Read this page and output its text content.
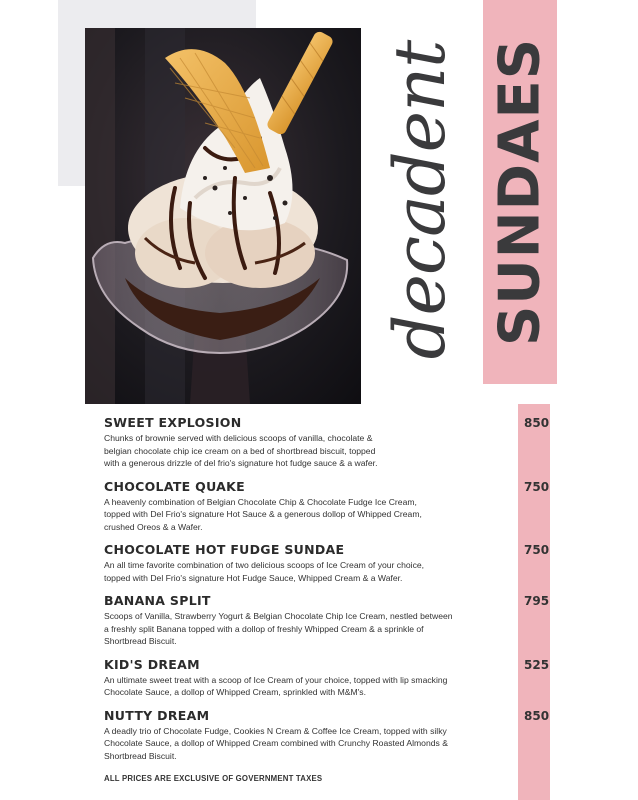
decadent SUNDAES
SWEET EXPLOSION	850
Chunks of brownie served with delicious scoops of vanilla, chocolate &
belgian chocolate chip ice cream on a bed of shortbread biscuit, topped
with a generous drizzle of del frio's signature hot fudge sauce & a wafer.
CHOCOLATE QUAKE	750
A heavenly combination of Belgian Chocolate Chip & Chocolate Fudge Ice Cream,
topped with Del Frio's signature Hot Sauce & a generous dollop of Whipped Cream,
crushed Oreos & a Wafer.
CHOCOLATE HOT FUDGE SUNDAE	750
An all time favorite combination of two delicious scoops of Ice Cream of your choice,
topped with Del Frio's signature Hot Fudge Sauce, Whipped Cream & a Wafer.
BANANA SPLIT	795
Scoops of Vanilla, Strawberry Yogurt & Belgian Chocolate Chip Ice Cream, nestled between
a freshly split Banana topped with a dollop of freshly Whipped Cream & a sprinkle of
Shortbread Biscuit.
KID'S DREAM	525
An ultimate sweet treat with a scoop of Ice Cream of your choice, topped with lip smacking
Chocolate Sauce, a dollop of Whipped Cream, sprinkled with M&M's.
NUTTY DREAM	850
A deadly trio of Chocolate Fudge, Cookies N Cream & Coffee Ice Cream, topped with silky
Chocolate Sauce, a dollop of Whipped Cream combined with Crunchy Roasted Almonds &
Shortbread Biscuit.
ALL PRICES ARE EXCLUSIVE OF GOVERNMENT TAXES
